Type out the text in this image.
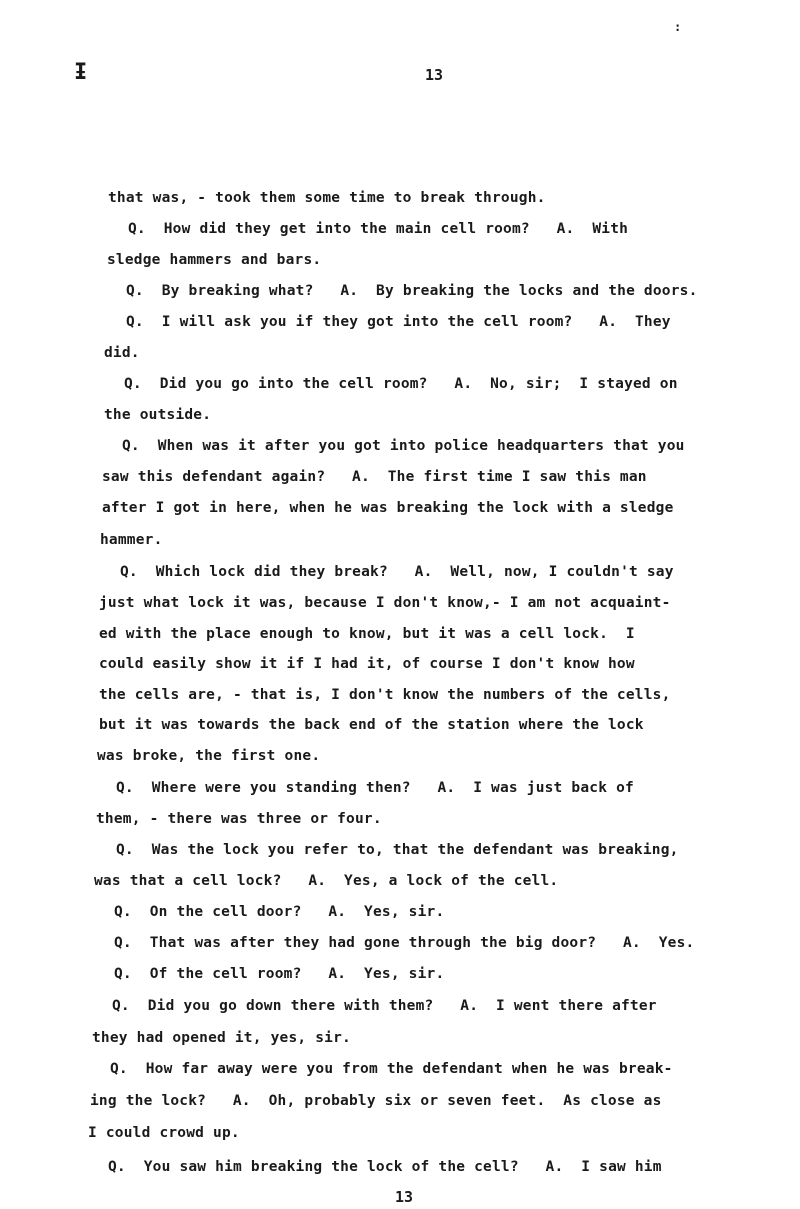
Ɨ
:
13
that was, - took them some time to break through.
Q.  How did they get into the main cell room?   A.  With
sledge hammers and bars.
Q.  By breaking what?   A.  By breaking the locks and the doors.
Q.  I will ask you if they got into the cell room?   A.  They
did.
Q.  Did you go into the cell room?   A.  No, sir;  I stayed on
the outside.
Q.  When was it after you got into police headquarters that you
saw this defendant again?   A.  The first time I saw this man
after I got in here, when he was breaking the lock with a sledge
hammer.
Q.  Which lock did they break?   A.  Well, now, I couldn't say
just what lock it was, because I don't know,- I am not acquaint-
ed with the place enough to know, but it was a cell lock.  I
could easily show it if I had it, of course I don't know how
the cells are, - that is, I don't know the numbers of the cells,
but it was towards the back end of the station where the lock
was broke, the first one.
Q.  Where were you standing then?   A.  I was just back of
them, - there was three or four.
Q.  Was the lock you refer to, that the defendant was breaking,
was that a cell lock?   A.  Yes, a lock of the cell.
Q.  On the cell door?   A.  Yes, sir.
Q.  That was after they had gone through the big door?   A.  Yes.
Q.  Of the cell room?   A.  Yes, sir.
Q.  Did you go down there with them?   A.  I went there after
they had opened it, yes, sir.
Q.  How far away were you from the defendant when he was break-
ing the lock?   A.  Oh, probably six or seven feet.  As close as
I could crowd up.
Q.  You saw him breaking the lock of the cell?   A.  I saw him
13
